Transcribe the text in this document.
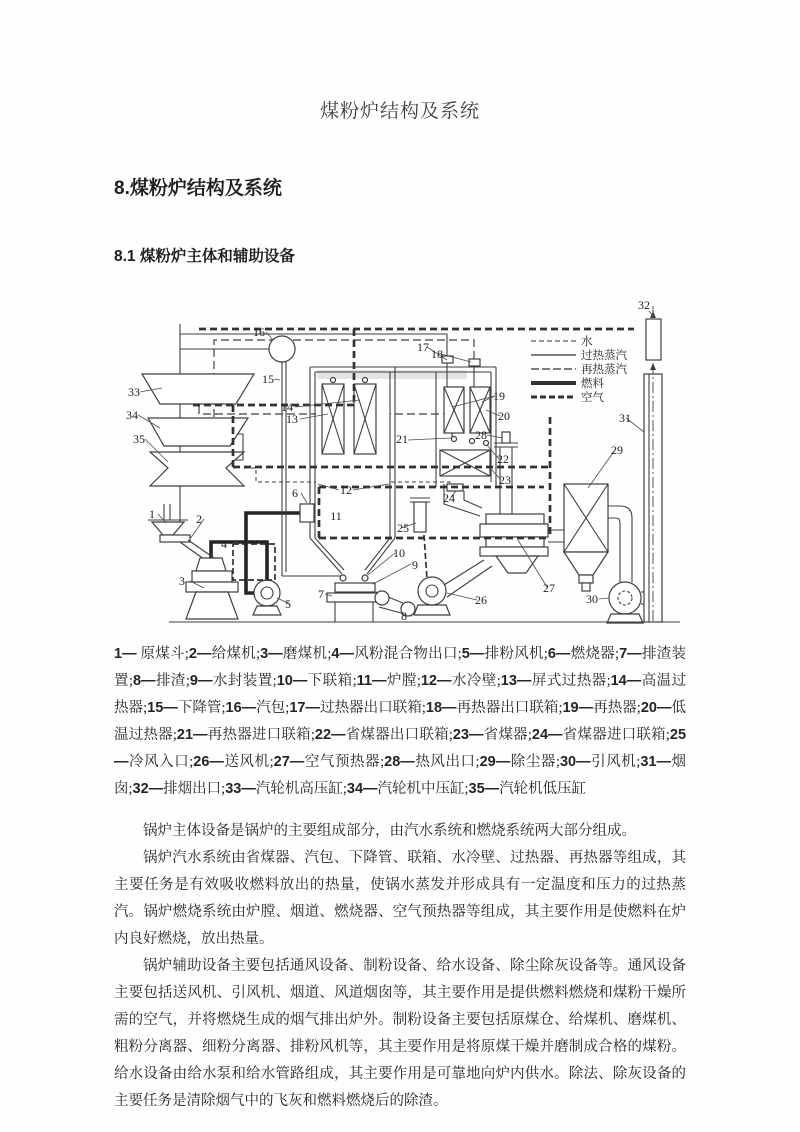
煤粉炉结构及系统

8.煤粉炉结构及系统

8.1 煤粉炉主体和辅助设备

1	2
3
4
5
6
7
8
9
10
11
12
13
14
15
16
17 18
19
20
21
22
23
24
25
26
27
28
29
30
31
32
33
34
35
水
过热蒸汽
再热蒸汽
燃料
空气

1— 原煤斗;2—给煤机;3—磨煤机;4—风粉混合物出口;5—排粉风机;6—燃烧器;7—排渣装置;8—排渣;9—水封装置;10—下联箱;11—炉膛;12—水冷壁;13—屏式过热器;14—高温过热器;15—下降管;16—汽包;17—过热器出口联箱;18—再热器出口联箱;19—再热器;20—低温过热器;21—再热器进口联箱;22—省煤器出口联箱;23—省煤器;24—省煤器进口联箱;25—冷风入口;26—送风机;27—空气预热器;28—热风出口;29—除尘器;30—引风机;31—烟囱;32—排烟出口;33—汽轮机高压缸;34—汽轮机中压缸;35—汽轮机低压缸

锅炉主体设备是锅炉的主要组成部分，由汽水系统和燃烧系统两大部分组成。

锅炉汽水系统由省煤器、汽包、下降管、联箱、水冷壁、过热器、再热器等组成，其主要任务是有效吸收燃料放出的热量，使锅水蒸发并形成具有一定温度和压力的过热蒸汽。锅炉燃烧系统由炉膛、烟道、燃烧器、空气预热器等组成，其主要作用是使燃料在炉内良好燃烧，放出热量。

锅炉辅助设备主要包括通风设备、制粉设备、给水设备、除尘除灰设备等。通风设备主要包括送风机、引风机、烟道、风道烟囱等，其主要作用是提供燃料燃烧和煤粉干燥所需的空气，并将燃烧生成的烟气排出炉外。制粉设备主要包括原煤仓、给煤机、磨煤机、粗粉分离器、细粉分离器、排粉风机等，其主要作用是将原煤干燥并磨制成合格的煤粉。给水设备由给水泵和给水管路组成，其主要作用是可靠地向炉内供水。除法、除灰设备的主要任务是清除烟气中的飞灰和燃料燃烧后的除渣。
